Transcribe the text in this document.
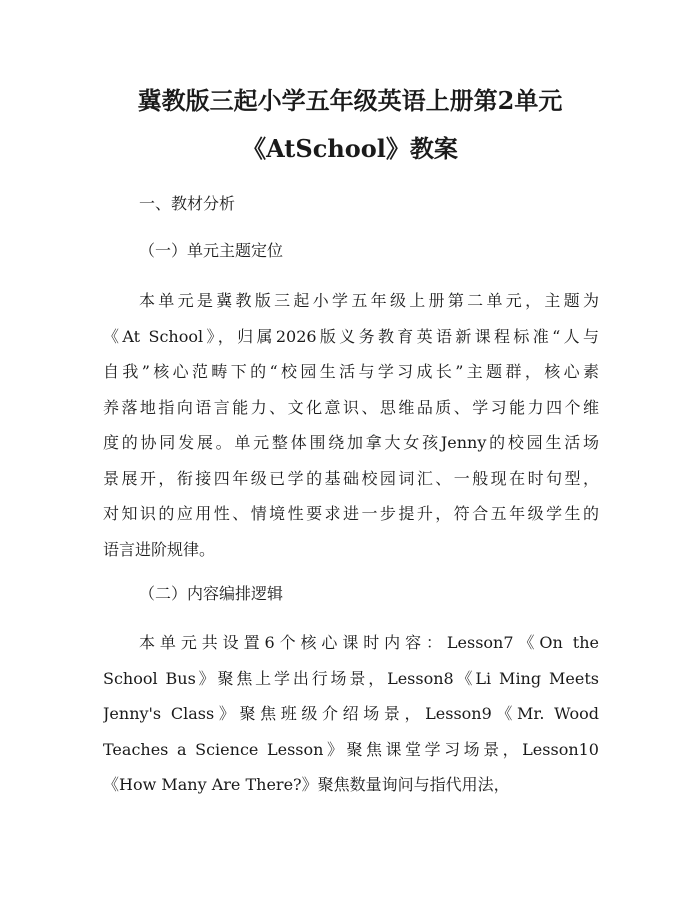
冀教版三起小学五年级英语上册第2单元
《AtSchool》教案
一、教材分析
（一）单元主题定位
本单元是冀教版三起小学五年级上册第二单元，主题为
《At School》，归属2026版义务教育英语新课程标准“人与
自我”核心范畴下的“校园生活与学习成长”主题群，核心素
养落地指向语言能力、文化意识、思维品质、学习能力四个维
度的协同发展。单元整体围绕加拿大女孩Jenny的校园生活场
景展开，衔接四年级已学的基础校园词汇、一般现在时句型，
对知识的应用性、情境性要求进一步提升，符合五年级学生的
语言进阶规律。
（二）内容编排逻辑
本单元共设置6个核心课时内容：Lesson7《On the
School Bus》聚焦上学出行场景，Lesson8《Li Ming Meets
Jenny's Class》聚焦班级介绍场景，Lesson9《Mr. Wood
Teaches a Science Lesson》聚焦课堂学习场景，Lesson10
《How Many Are There?》聚焦数量询问与指代用法，
